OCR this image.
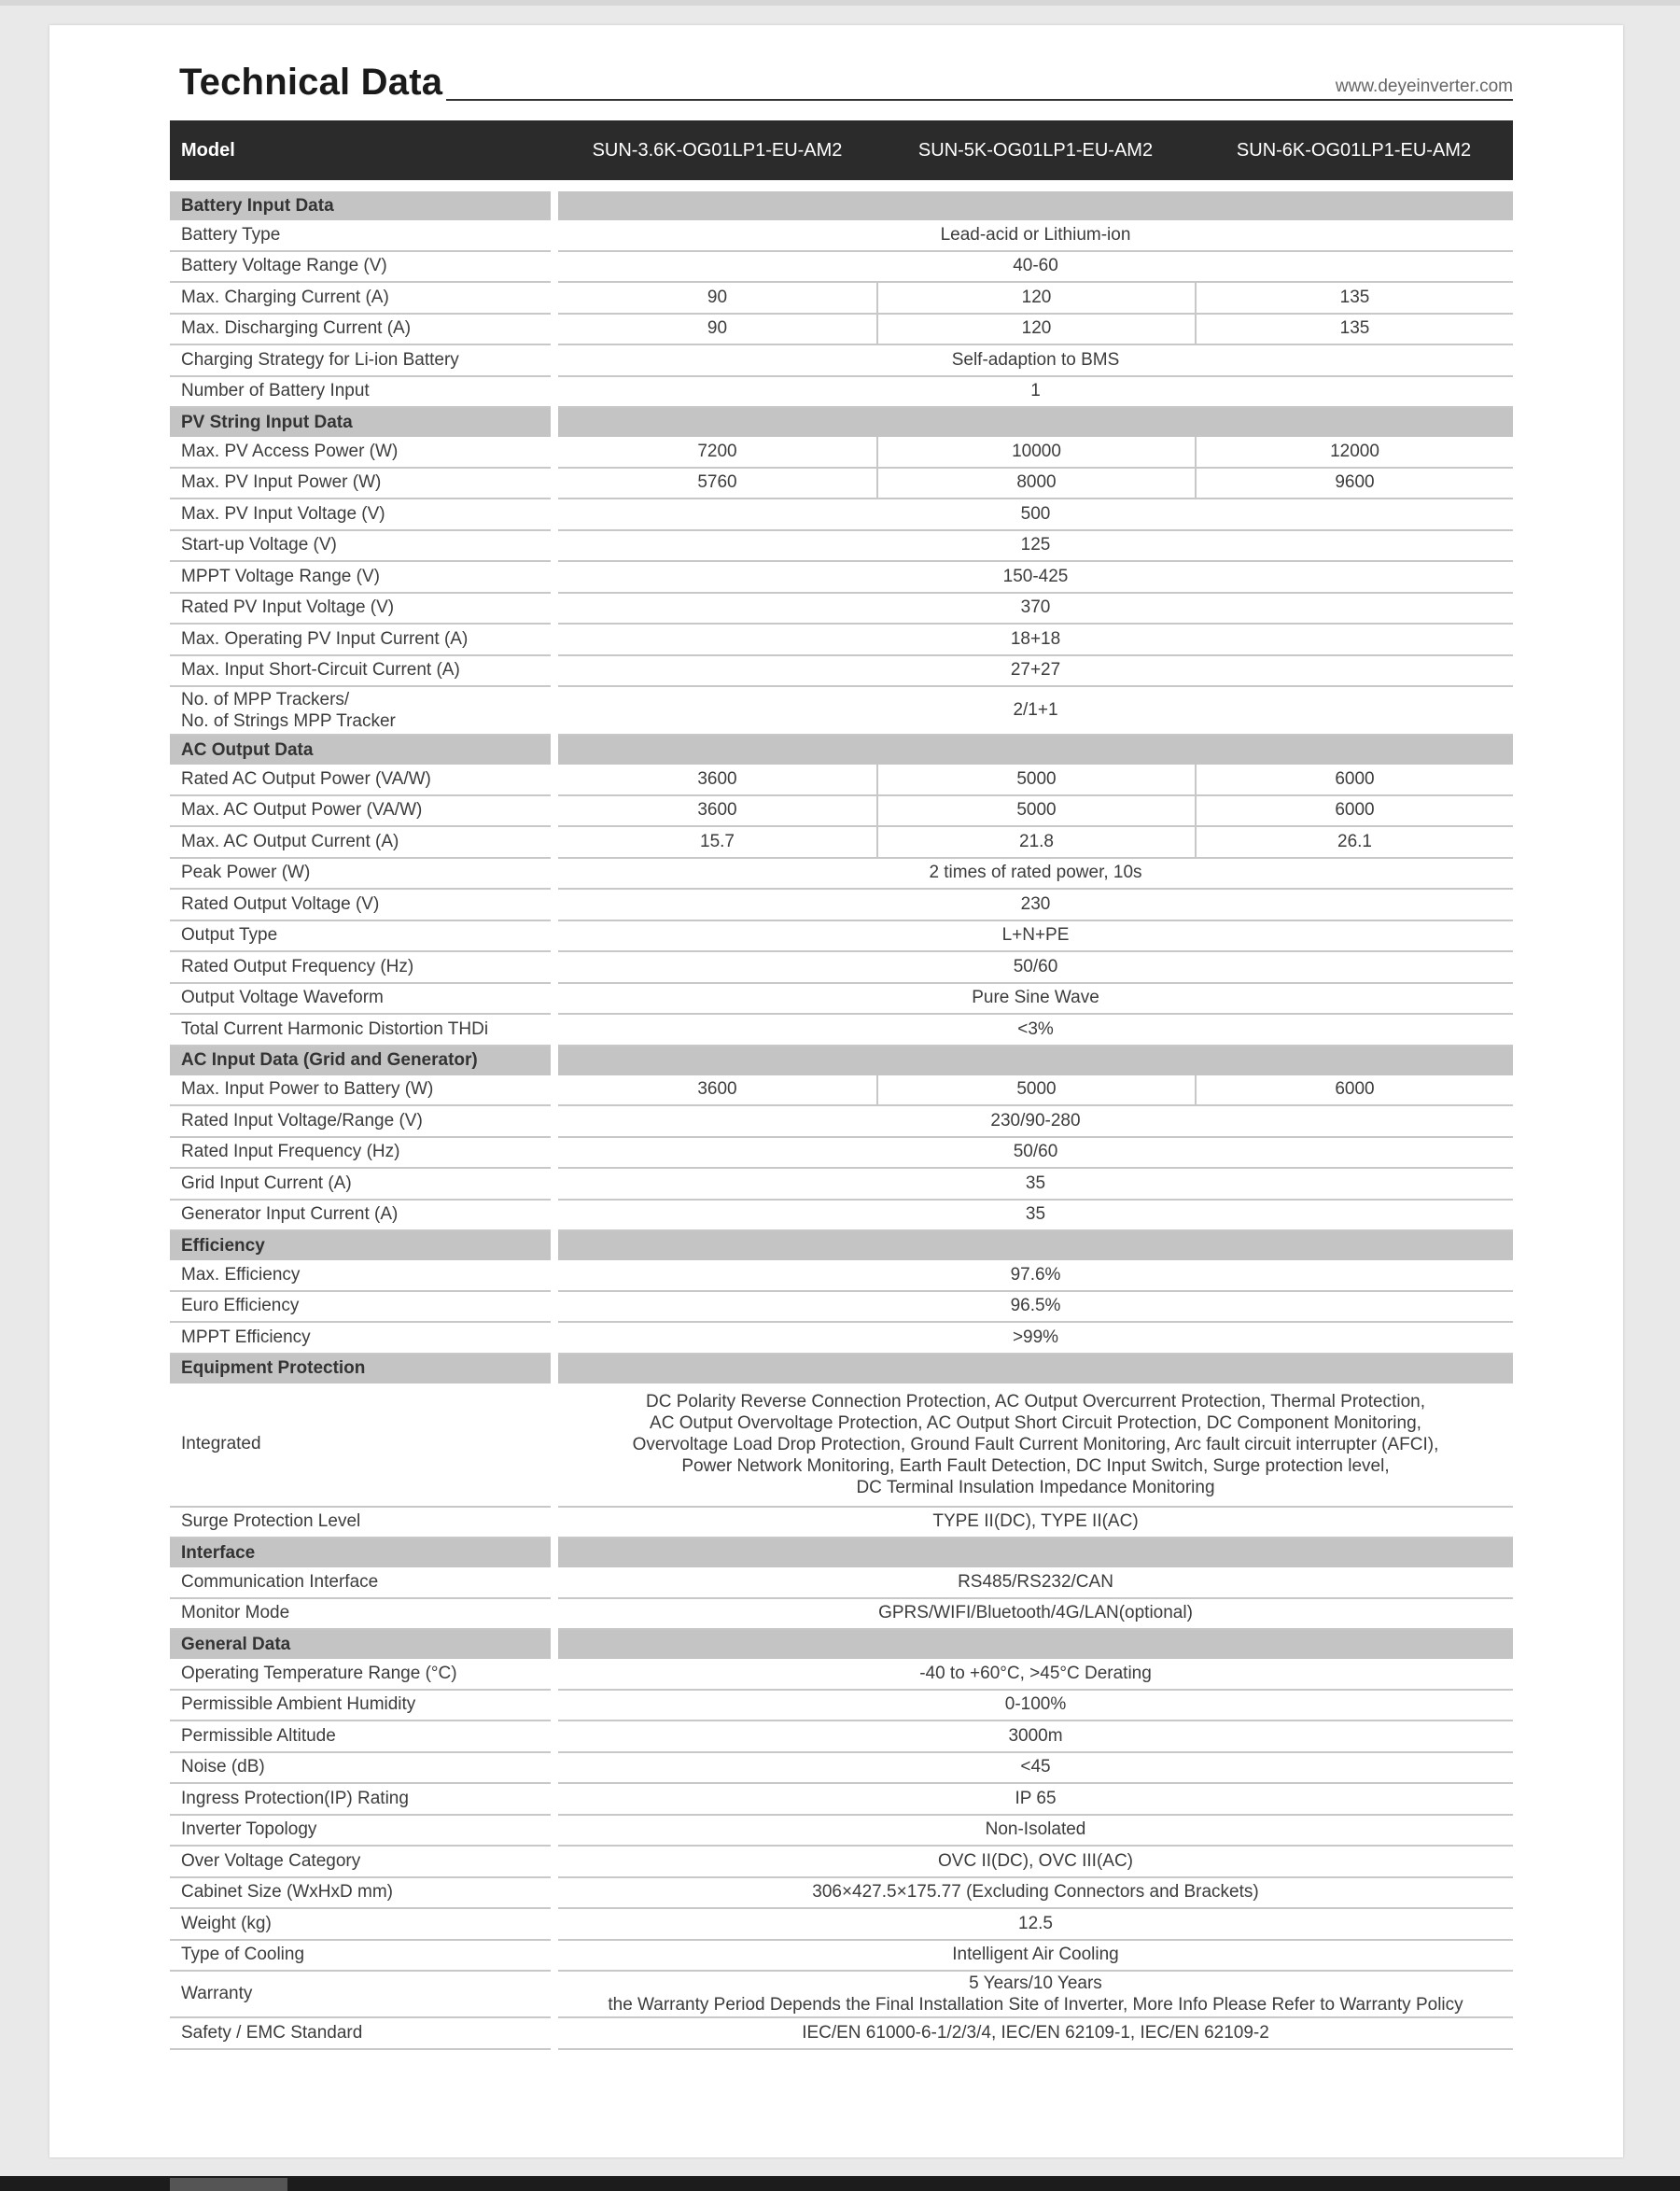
Technical Data	www.deyeinverter.com
Model		SUN-3.6K-OG01LP1-EU-AM2	SUN-5K-OG01LP1-EU-AM2	SUN-6K-OG01LP1-EU-AM2

Battery Input Data				
Battery Type		Lead-acid or Lithium-ion		
Battery Voltage Range (V)		40-60		
Max. Charging Current (A)		90	120	135
Max. Discharging Current (A)		90	120	135
Charging Strategy for Li-ion Battery		Self-adaption to BMS		
Number of Battery Input		1		
PV String Input Data				
Max. PV Access Power (W)		7200	10000	12000
Max. PV Input Power (W)		5760	8000	9600
Max. PV Input Voltage (V)		500		
Start-up Voltage (V)		125		
MPPT Voltage Range (V)		150-425		
Rated PV Input Voltage (V)		370		
Max. Operating PV Input Current (A)		18+18		
Max. Input Short-Circuit Current (A)		27+27		

No. of MPP Trackers/
No. of Strings MPP Tracker		2/1+1		
AC Output Data				
Rated AC Output Power (VA/W)		3600	5000	6000
Max. AC Output Power (VA/W)		3600	5000	6000
Max. AC Output Current (A)		15.7	21.8	26.1
Peak Power (W)		2 times of rated power, 10s		
Rated Output Voltage (V)		230		
Output Type		L+N+PE		
Rated Output Frequency (Hz)		50/60		
Output Voltage Waveform		Pure Sine Wave		
Total Current Harmonic Distortion THDi		<3%		
AC Input Data (Grid and Generator)				
Max. Input Power to Battery (W)		3600	5000	6000
Rated Input Voltage/Range (V)		230/90-280		
Rated Input Frequency (Hz)		50/60		
Grid Input Current (A)		35		
Generator Input Current (A)		35		
Efficiency				
Max. Efficiency		97.6%		
Euro Efficiency		96.5%		
MPPT Efficiency		>99%		
Equipment Protection				
Integrated		DC Polarity Reverse Connection Protection, AC Output Overcurrent Protection, Thermal Protection,
AC Output Overvoltage Protection, AC Output Short Circuit Protection, DC Component Monitoring,
Overvoltage Load Drop Protection, Ground Fault Current Monitoring, Arc fault circuit interrupter (AFCI),
Power Network Monitoring, Earth Fault Detection, DC Input Switch, Surge protection level,
DC Terminal Insulation Impedance Monitoring		

Surge Protection Level		TYPE II(DC), TYPE II(AC)		
Interface				
Communication Interface		RS485/RS232/CAN		
Monitor Mode		GPRS/WIFI/Bluetooth/4G/LAN(optional)		
General Data				
Operating Temperature Range (°C)		-40 to +60°C, >45°C Derating		
Permissible Ambient Humidity		0-100%		
Permissible Altitude		3000m		
Noise (dB)		<45		
Ingress Protection(IP) Rating		IP 65		
Inverter Topology		Non-Isolated		
Over Voltage Category		OVC II(DC), OVC III(AC)		
Cabinet Size (WxHxD mm)		306×427.5×175.77 (Excluding Connectors and Brackets)		
Weight (kg)		12.5		
Type of Cooling		Intelligent Air Cooling		
Warranty		5 Years/10 Years
the Warranty Period Depends the Final Installation Site of Inverter, More Info Please Refer to Warranty Policy		

Safety / EMC Standard		IEC/EN 61000-6-1/2/3/4, IEC/EN 62109-1, IEC/EN 62109-2		
